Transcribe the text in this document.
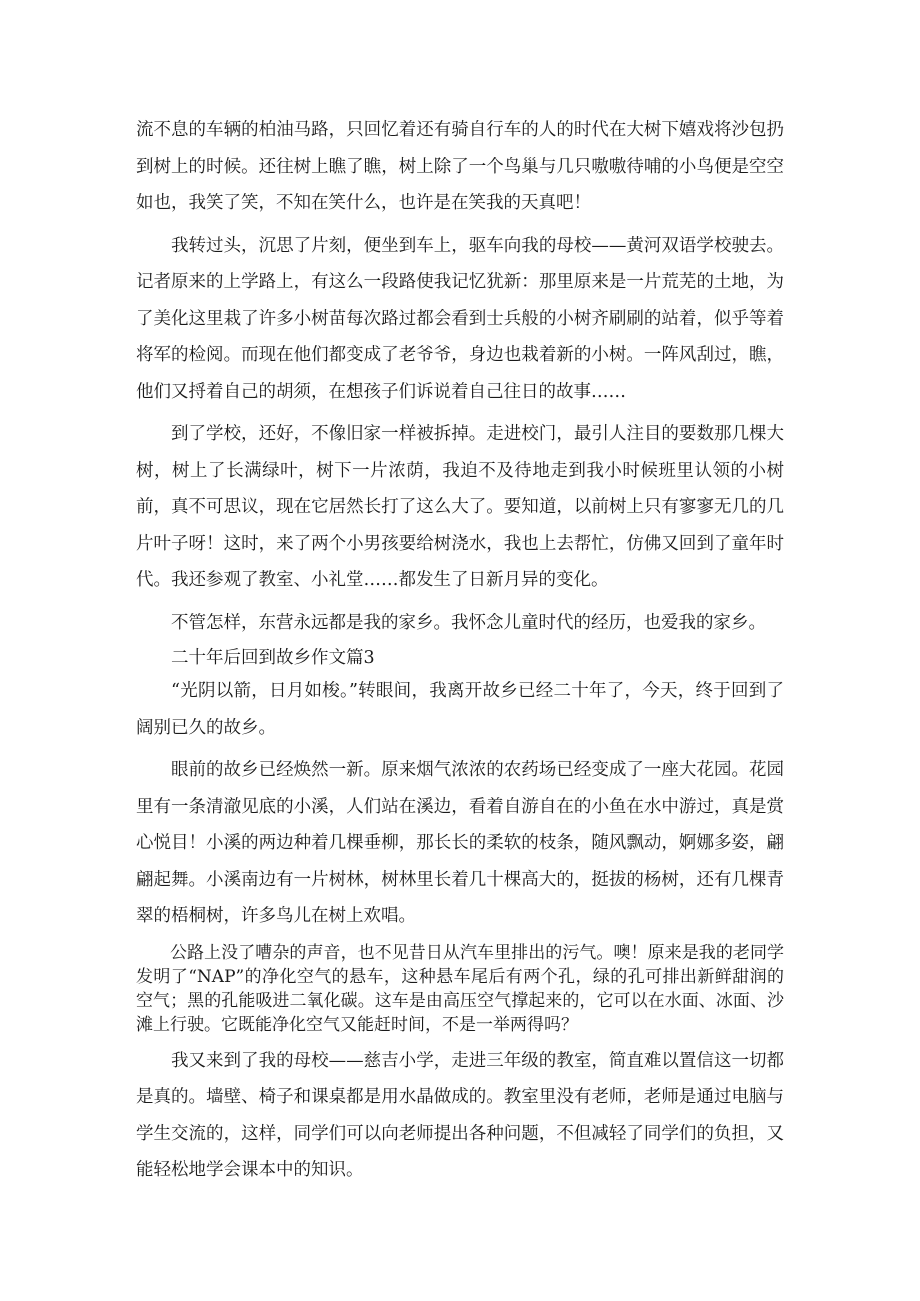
流不息的车辆的柏油马路，只回忆着还有骑自行车的人的时代在大树下嬉戏将沙包扔到树上的时候。还往树上瞧了瞧，树上除了一个鸟巢与几只嗷嗷待哺的小鸟便是空空如也，我笑了笑，不知在笑什么，也许是在笑我的天真吧！

我转过头，沉思了片刻，便坐到车上，驱车向我的母校——黄河双语学校驶去。记者原来的上学路上，有这么一段路使我记忆犹新：那里原来是一片荒芜的土地，为了美化这里栽了许多小树苗每次路过都会看到士兵般的小树齐刷刷的站着，似乎等着将军的检阅。而现在他们都变成了老爷爷，身边也栽着新的小树。一阵风刮过，瞧，他们又捋着自己的胡须，在想孩子们诉说着自己往日的故事……

到了学校，还好，不像旧家一样被拆掉。走进校门，最引人注目的要数那几棵大树，树上了长满绿叶，树下一片浓荫，我迫不及待地走到我小时候班里认领的小树前，真不可思议，现在它居然长打了这么大了。要知道，以前树上只有寥寥无几的几片叶子呀！这时，来了两个小男孩要给树浇水，我也上去帮忙，仿佛又回到了童年时代。我还参观了教室、小礼堂……都发生了日新月异的变化。

不管怎样，东营永远都是我的家乡。我怀念儿童时代的经历，也爱我的家乡。

二十年后回到故乡作文篇3

“光阴以箭，日月如梭。”转眼间，我离开故乡已经二十年了，今天，终于回到了阔别已久的故乡。

眼前的故乡已经焕然一新。原来烟气浓浓的农药场已经变成了一座大花园。花园里有一条清澈见底的小溪，人们站在溪边，看着自游自在的小鱼在水中游过，真是赏心悦目！小溪的两边种着几棵垂柳，那长长的柔软的枝条，随风飘动，婀娜多姿，翩翩起舞。小溪南边有一片树林，树林里长着几十棵高大的，挺拔的杨树，还有几棵青翠的梧桐树，许多鸟儿在树上欢唱。

公路上没了嘈杂的声音，也不见昔日从汽车里排出的污气。噢！原来是我的老同学发明了“NAP”的净化空气的悬车，这种悬车尾后有两个孔，绿的孔可排出新鲜甜润的空气；黑的孔能吸进二氧化碳。这车是由高压空气撑起来的，它可以在水面、冰面、沙滩上行驶。它既能净化空气又能赶时间，不是一举两得吗？

我又来到了我的母校——慈吉小学，走进三年级的教室，简直难以置信这一切都是真的。墙壁、椅子和课桌都是用水晶做成的。教室里没有老师，老师是通过电脑与学生交流的，这样，同学们可以向老师提出各种问题，不但减轻了同学们的负担，又能轻松地学会课本中的知识。
